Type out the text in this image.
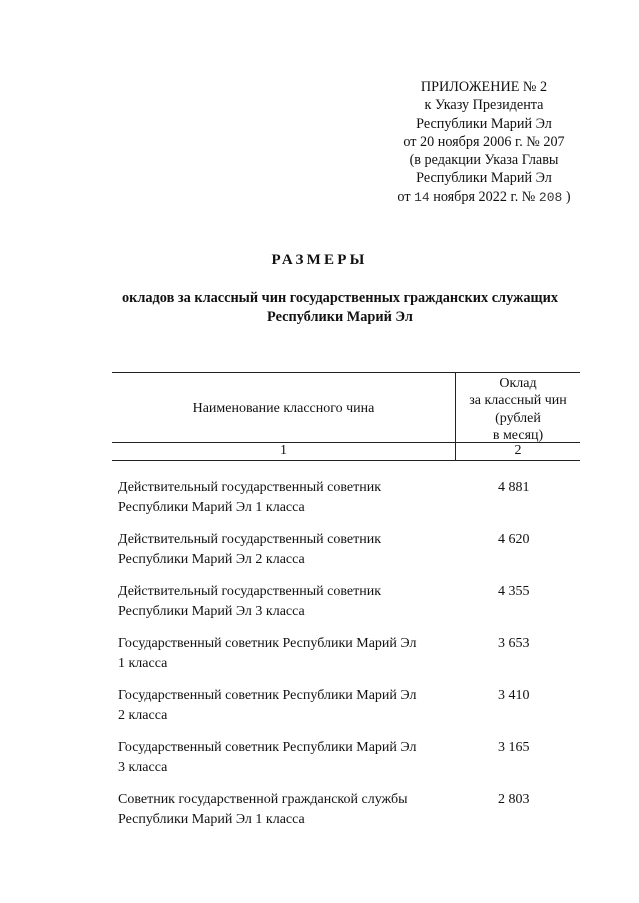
ПРИЛОЖЕНИЕ № 2
к Указу Президента
Республики Марий Эл
от 20 ноября 2006 г. № 207
(в редакции Указа Главы
Республики Марий Эл
от 14 ноября 2022 г. № 208 )
РАЗМЕРЫ
окладов за классный чин государственных гражданских служащих
Республики Марий Эл
Наименование классного чина
Оклад
за классный чин
(рублей
в месяц)
1	2
Действительный государственный советник
Республики Марий Эл 1 класса
4 881
Действительный государственный советник
Республики Марий Эл 2 класса
4 620
Действительный государственный советник
Республики Марий Эл 3 класса
4 355
Государственный советник Республики Марий Эл
1 класса
3 653
Государственный советник Республики Марий Эл
2 класса
3 410
Государственный советник Республики Марий Эл
3 класса
3 165
Советник государственной гражданской службы
Республики Марий Эл 1 класса
2 803
